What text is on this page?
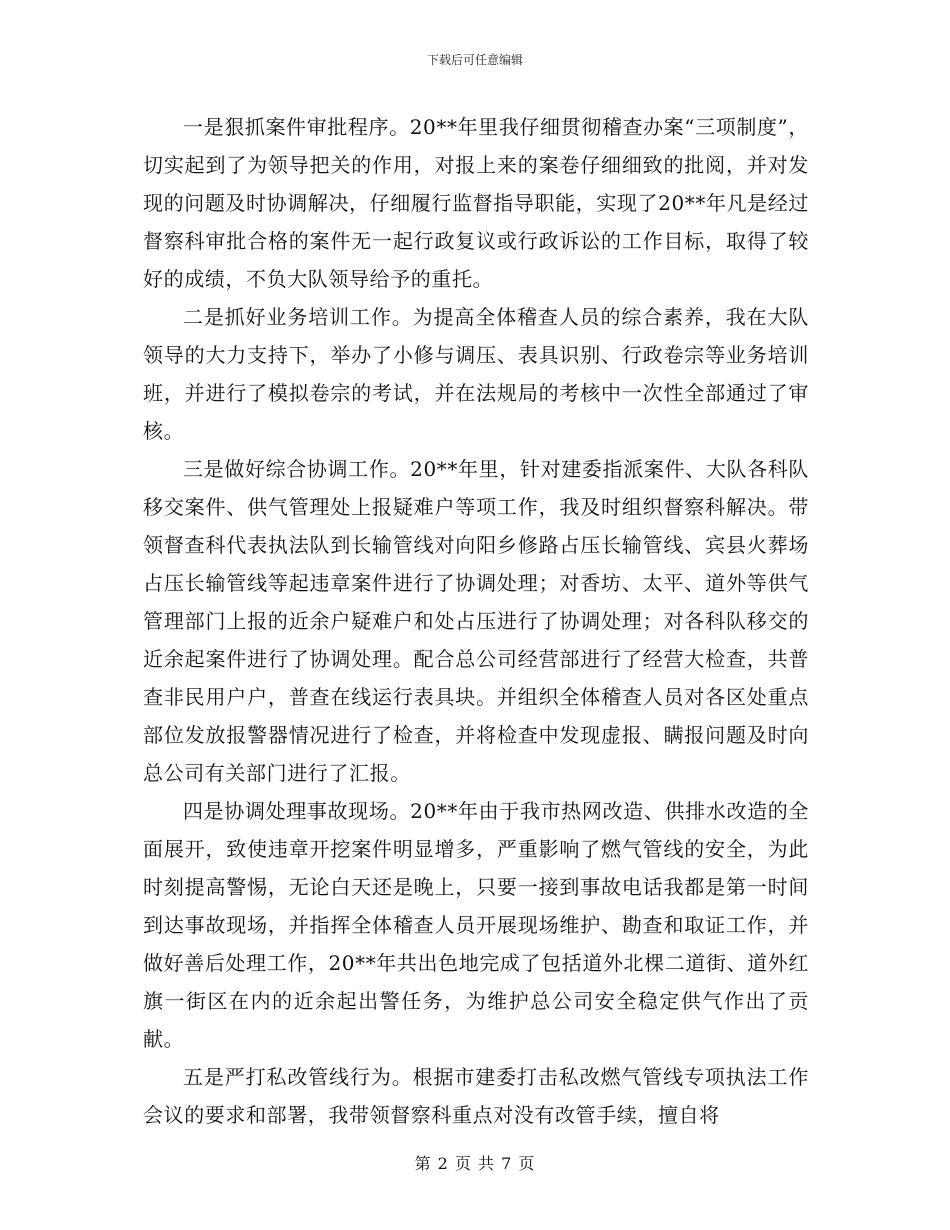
下载后可任意编辑

一是狠抓案件审批程序。20**年里我仔细贯彻稽查办案“三项制度”，切实起到了为领导把关的作用，对报上来的案卷仔细细致的批阅，并对发现的问题及时协调解决，仔细履行监督指导职能，实现了20**年凡是经过督察科审批合格的案件无一起行政复议或行政诉讼的工作目标，取得了较好的成绩，不负大队领导给予的重托。

二是抓好业务培训工作。为提高全体稽查人员的综合素养，我在大队领导的大力支持下，举办了小修与调压、表具识别、行政卷宗等业务培训班，并进行了模拟卷宗的考试，并在法规局的考核中一次性全部通过了审核。

三是做好综合协调工作。20**年里，针对建委指派案件、大队各科队移交案件、供气管理处上报疑难户等项工作，我及时组织督察科解决。带领督查科代表执法队到长输管线对向阳乡修路占压长输管线、宾县火葬场占压长输管线等起违章案件进行了协调处理；对香坊、太平、道外等供气管理部门上报的近余户疑难户和处占压进行了协调处理；对各科队移交的近余起案件进行了协调处理。配合总公司经营部进行了经营大检查，共普查非民用户户，普查在线运行表具块。并组织全体稽查人员对各区处重点部位发放报警器情况进行了检查，并将检查中发现虚报、瞒报问题及时向总公司有关部门进行了汇报。

四是协调处理事故现场。20**年由于我市热网改造、供排水改造的全面展开，致使违章开挖案件明显增多，严重影响了燃气管线的安全，为此时刻提高警惕，无论白天还是晚上，只要一接到事故电话我都是第一时间到达事故现场，并指挥全体稽查人员开展现场维护、勘查和取证工作，并做好善后处理工作，20**年共出色地完成了包括道外北棵二道街、道外红旗一街区在内的近余起出警任务，为维护总公司安全稳定供气作出了贡献。

五是严打私改管线行为。根据市建委打击私改燃气管线专项执法工作会议的要求和部署，我带领督察科重点对没有改管手续，擅自将

第 2 页 共 7 页
